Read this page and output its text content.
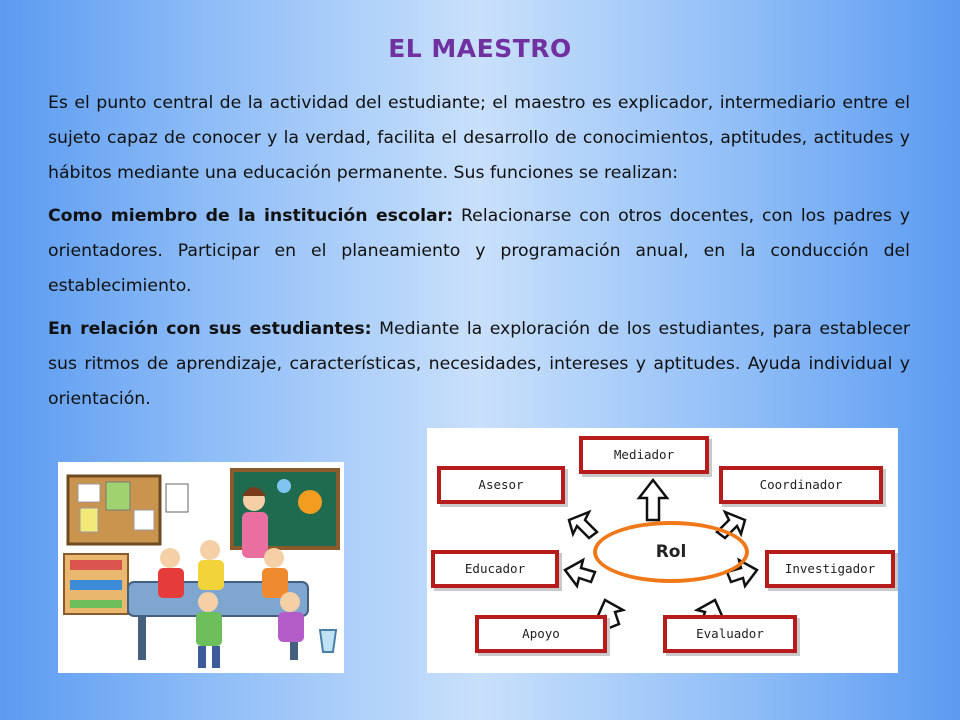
EL MAESTRO

Es el punto central de la actividad del estudiante; el maestro es explicador, intermediario entre el sujeto capaz de conocer y la verdad, facilita el desarrollo de conocimientos, aptitudes, actitudes y hábitos mediante una educación permanente. Sus funciones se realizan:

Como miembro de la institución escolar: Relacionarse con otros docentes, con los padres y orientadores. Participar en el planeamiento y programación anual, en la conducción del establecimiento.

En relación con sus estudiantes: Mediante la exploración de los estudiantes, para establecer sus ritmos de aprendizaje, características, necesidades, intereses y aptitudes. Ayuda individual y orientación.

Mediador
Asesor	Coordinador
Educador	Investigador
Apoyo	Evaluador
Rol
